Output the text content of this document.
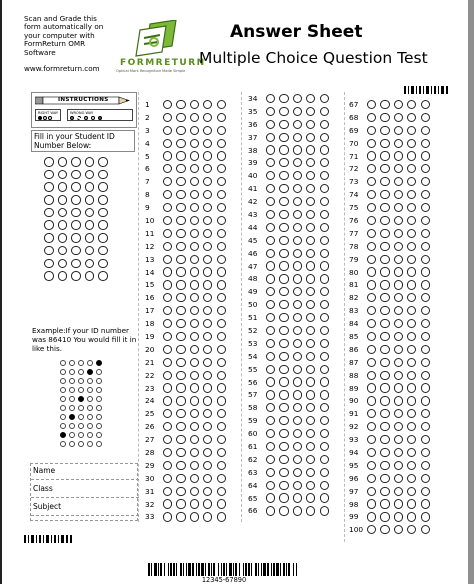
Scan and Grade this
form automatically on
your computer with
FormReturn OMR
Software
www.formreturn.com
FORMRETURN
Optical Mark Recognition Made Simple
Answer Sheet
Multiple Choice Question Test
INSTRUCTIONS
RIGHT WAY	WRONG WAY
Fill in your Student ID Number Below:
Example:If your ID number was 86410 You would fill it in like this.
Name
Class
Subject
1
2
3
4
5
6
7
8
9
10
11
12
13
14
15
16
17
18
19
20
21
22
23
24
25
26
27
28
29
30
31
32
33
34
35
36
37
38
39
40
41
42
43
44
45
46
47
48
49
50
51
52
53
54
55
56
57
58
59
60
61
62
63
64
65
66
67
68
69
70
71
72
73
74
75
76
77
78
79
80
81
82
83
84
85
86
87
88
89
90
91
92
93
94
95
96
97
98
99
100
12345-67890
